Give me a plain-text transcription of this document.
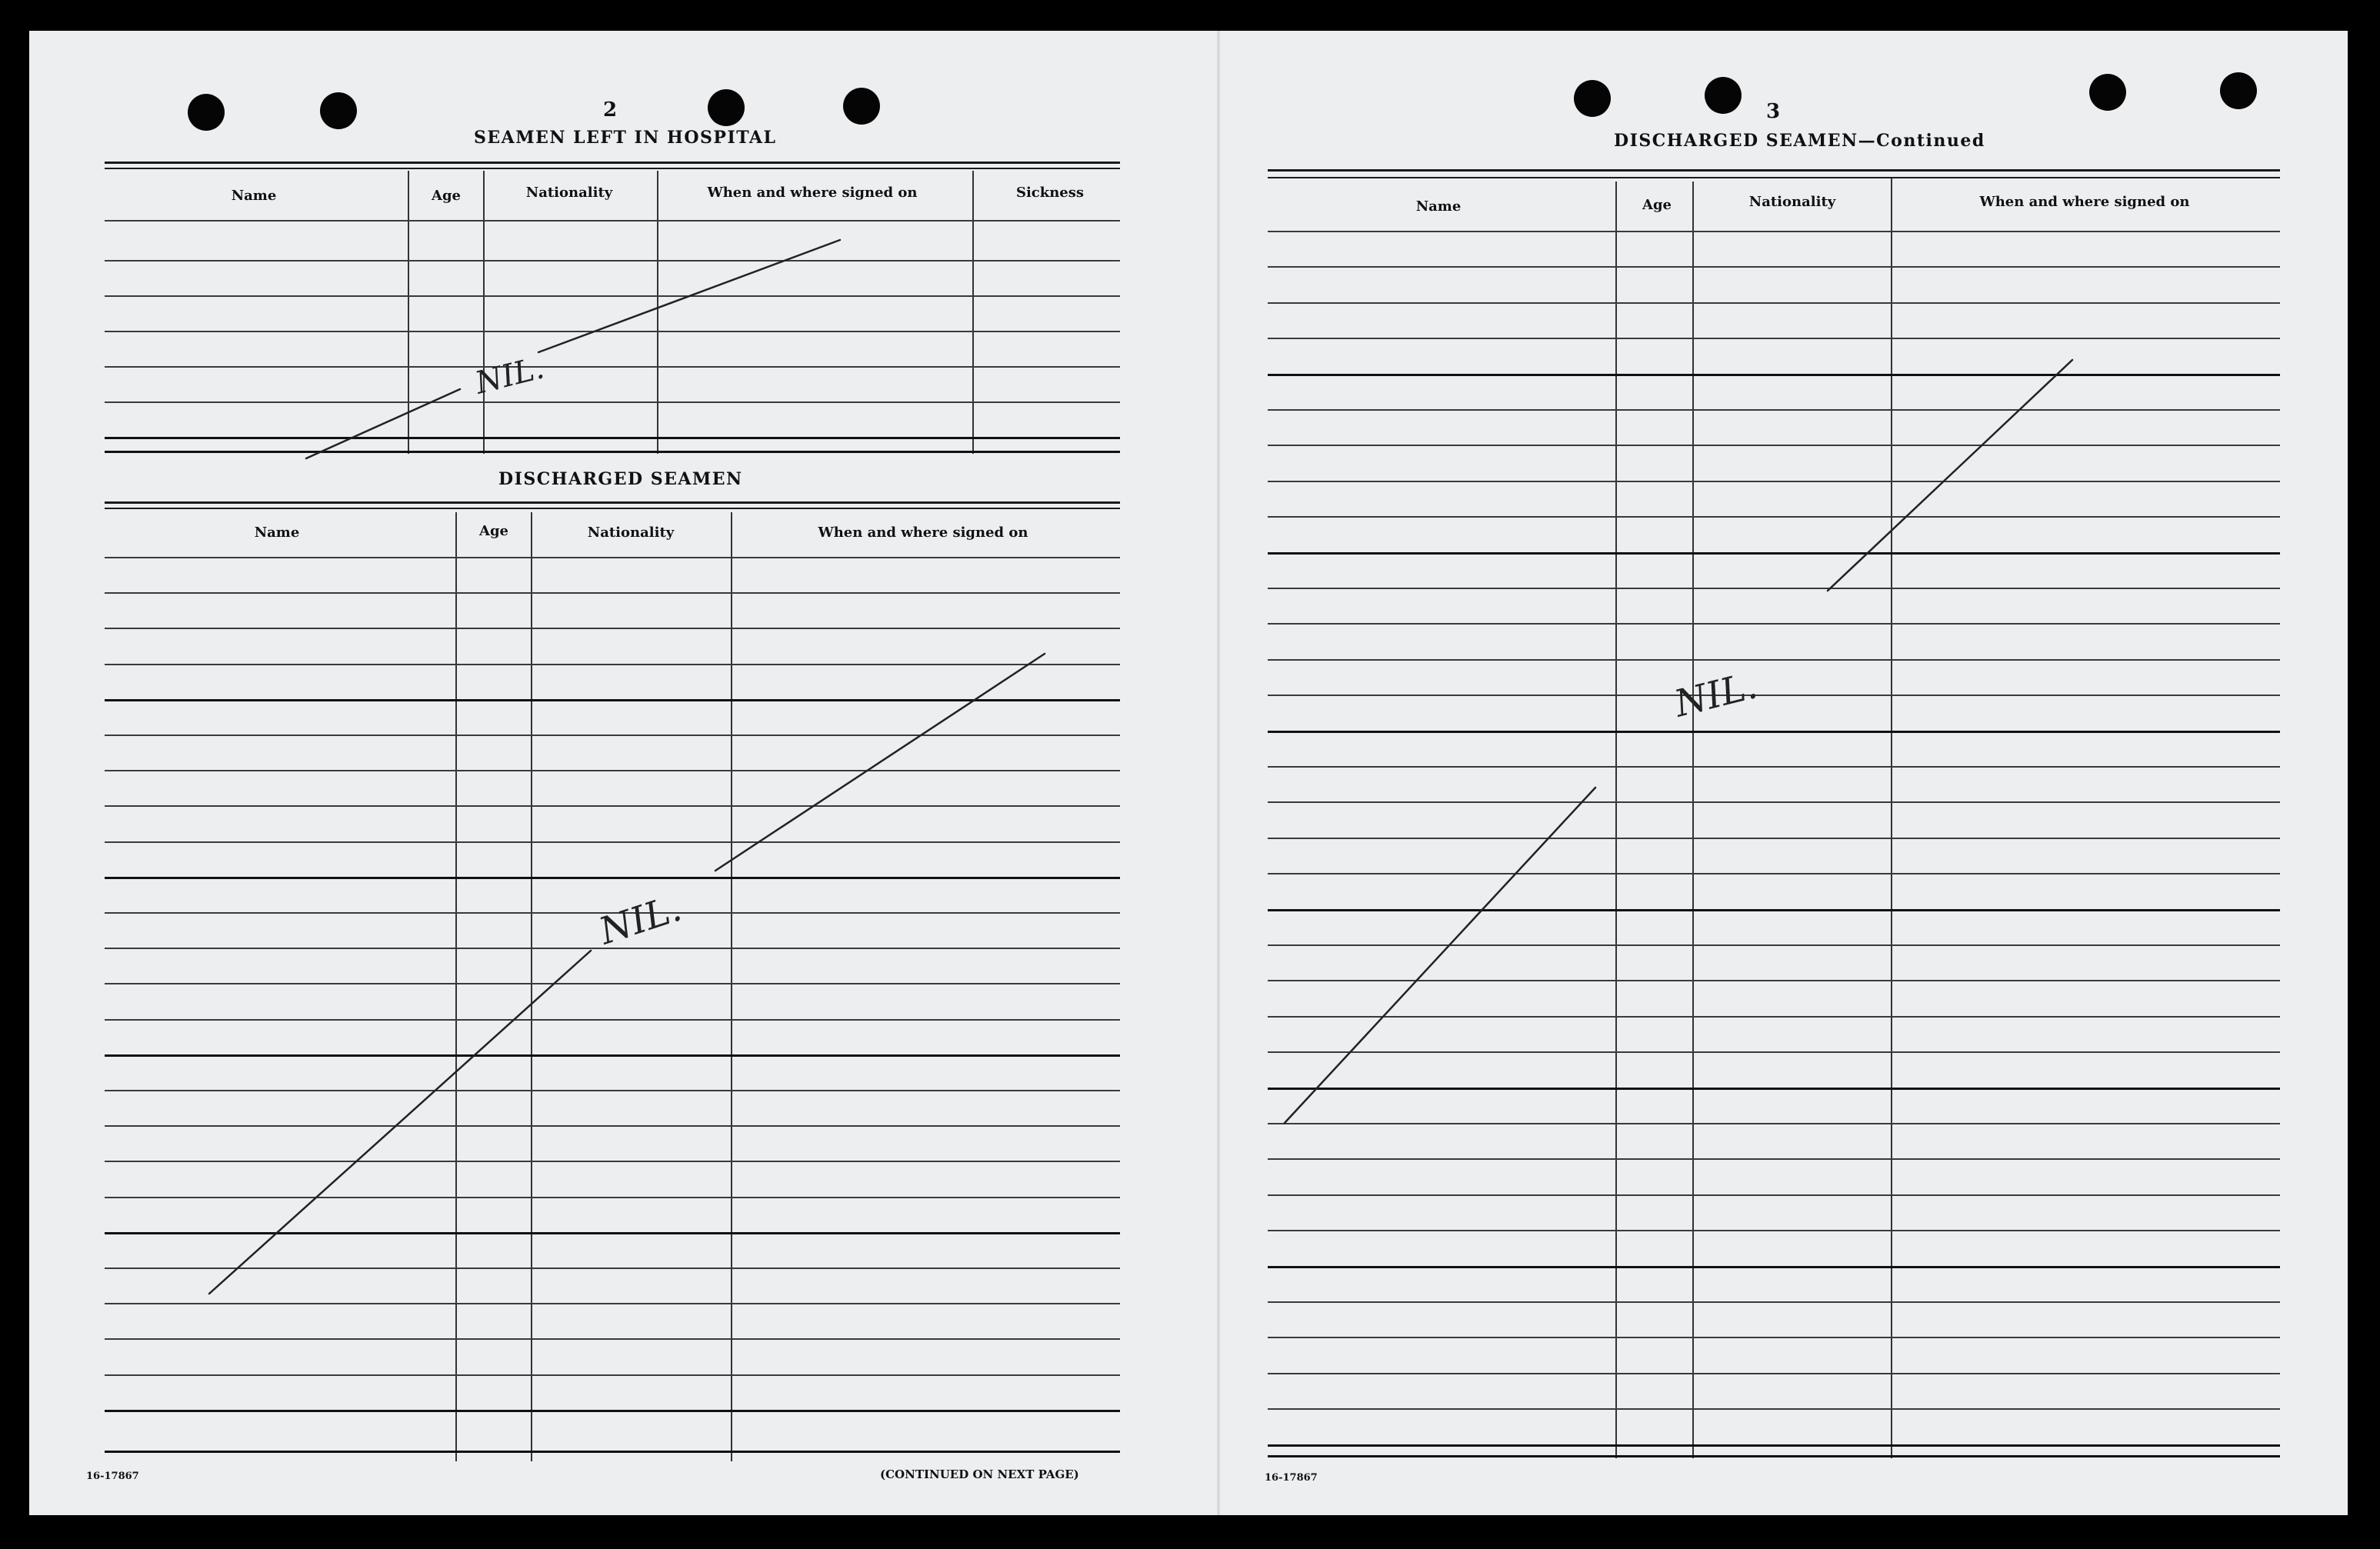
2
SEAMEN LEFT IN HOSPITAL
Name	Age	Nationality	When and where signed on	Sickness
DISCHARGED SEAMEN
Name	Age	Nationality	When and where signed on
16-17867	(CONTINUED ON NEXT PAGE)
3
DISCHARGED SEAMEN—Continued
Name	Age	Nationality	When and where signed on
16-17867
NIL.
NIL.
NIL.
